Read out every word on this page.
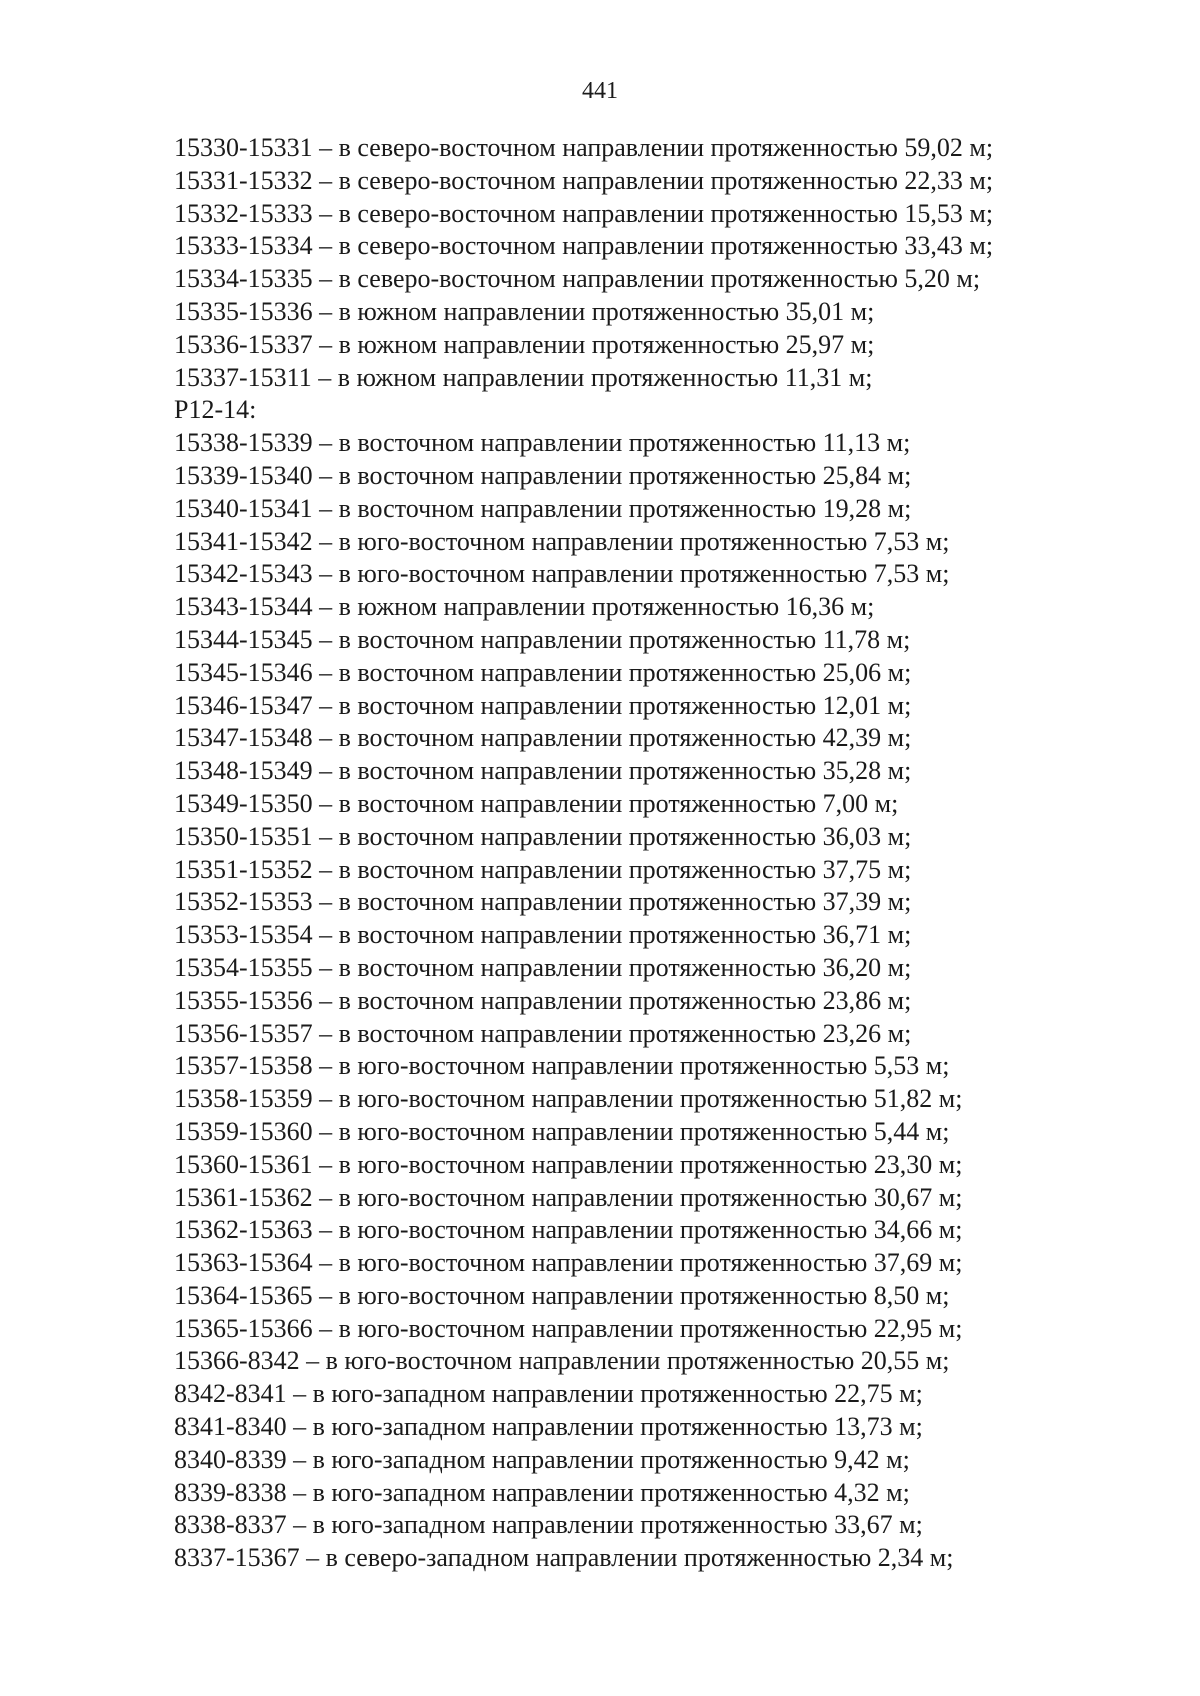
441
15330-15331 – в северо-восточном направлении протяженностью 59,02 м;
15331-15332 – в северо-восточном направлении протяженностью 22,33 м;
15332-15333 – в северо-восточном направлении протяженностью 15,53 м;
15333-15334 – в северо-восточном направлении протяженностью 33,43 м;
15334-15335 – в северо-восточном направлении протяженностью 5,20 м;
15335-15336 – в южном направлении протяженностью 35,01 м;
15336-15337 – в южном направлении протяженностью 25,97 м;
15337-15311 – в южном направлении протяженностью 11,31 м;
Р12-14:
15338-15339 – в восточном направлении протяженностью 11,13 м;
15339-15340 – в восточном направлении протяженностью 25,84 м;
15340-15341 – в восточном направлении протяженностью 19,28 м;
15341-15342 – в юго-восточном направлении протяженностью 7,53 м;
15342-15343 – в юго-восточном направлении протяженностью 7,53 м;
15343-15344 – в южном направлении протяженностью 16,36 м;
15344-15345 – в восточном направлении протяженностью 11,78 м;
15345-15346 – в восточном направлении протяженностью 25,06 м;
15346-15347 – в восточном направлении протяженностью 12,01 м;
15347-15348 – в восточном направлении протяженностью 42,39 м;
15348-15349 – в восточном направлении протяженностью 35,28 м;
15349-15350 – в восточном направлении протяженностью 7,00 м;
15350-15351 – в восточном направлении протяженностью 36,03 м;
15351-15352 – в восточном направлении протяженностью 37,75 м;
15352-15353 – в восточном направлении протяженностью 37,39 м;
15353-15354 – в восточном направлении протяженностью 36,71 м;
15354-15355 – в восточном направлении протяженностью 36,20 м;
15355-15356 – в восточном направлении протяженностью 23,86 м;
15356-15357 – в восточном направлении протяженностью 23,26 м;
15357-15358 – в юго-восточном направлении протяженностью 5,53 м;
15358-15359 – в юго-восточном направлении протяженностью 51,82 м;
15359-15360 – в юго-восточном направлении протяженностью 5,44 м;
15360-15361 – в юго-восточном направлении протяженностью 23,30 м;
15361-15362 – в юго-восточном направлении протяженностью 30,67 м;
15362-15363 – в юго-восточном направлении протяженностью 34,66 м;
15363-15364 – в юго-восточном направлении протяженностью 37,69 м;
15364-15365 – в юго-восточном направлении протяженностью 8,50 м;
15365-15366 – в юго-восточном направлении протяженностью 22,95 м;
15366-8342 – в юго-восточном направлении протяженностью 20,55 м;
8342-8341 – в юго-западном направлении протяженностью 22,75 м;
8341-8340 – в юго-западном направлении протяженностью 13,73 м;
8340-8339 – в юго-западном направлении протяженностью 9,42 м;
8339-8338 – в юго-западном направлении протяженностью 4,32 м;
8338-8337 – в юго-западном направлении протяженностью 33,67 м;
8337-15367 – в северо-западном направлении протяженностью 2,34 м;
